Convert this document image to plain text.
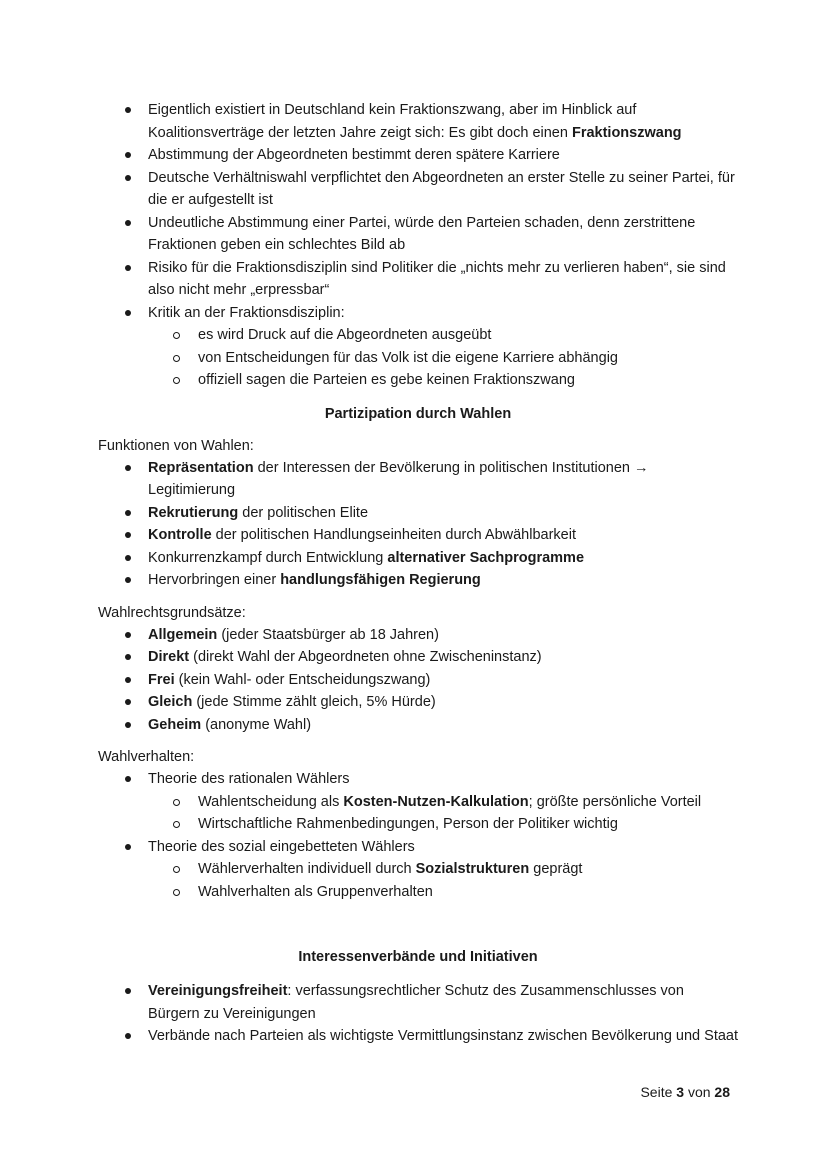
Eigentlich existiert in Deutschland kein Fraktionszwang, aber im Hinblick auf Koalitionsverträge der letzten Jahre zeigt sich: Es gibt doch einen Fraktionszwang
Abstimmung der Abgeordneten bestimmt deren spätere Karriere
Deutsche Verhältniswahl verpflichtet den Abgeordneten an erster Stelle zu seiner Partei, für die er aufgestellt ist
Undeutliche Abstimmung einer Partei, würde den Parteien schaden, denn zerstrittene Fraktionen geben ein schlechtes Bild ab
Risiko für die Fraktionsdisziplin sind Politiker die „nichts mehr zu verlieren haben“, sie sind also nicht mehr „erpressbar“
Kritik an der Fraktionsdisziplin:
es wird Druck auf die Abgeordneten ausgeübt
von Entscheidungen für das Volk ist die eigene Karriere abhängig
offiziell sagen die Parteien es gebe keinen Fraktionszwang
Partizipation durch Wahlen
Funktionen von Wahlen:
Repräsentation der Interessen der Bevölkerung in politischen Institutionen → Legitimierung
Rekrutierung der politischen Elite
Kontrolle der politischen Handlungseinheiten durch Abwählbarkeit
Konkurrenzkampf durch Entwicklung alternativer Sachprogramme
Hervorbringen einer handlungsfähigen Regierung
Wahlrechtsgrundsätze:
Allgemein (jeder Staatsbürger ab 18 Jahren)
Direkt (direkt Wahl der Abgeordneten ohne Zwischeninstanz)
Frei (kein Wahl- oder Entscheidungszwang)
Gleich (jede Stimme zählt gleich, 5% Hürde)
Geheim (anonyme Wahl)
Wahlverhalten:
Theorie des rationalen Wählers
Wahlentscheidung als Kosten-Nutzen-Kalkulation; größte persönliche Vorteil
Wirtschaftliche Rahmenbedingungen, Person der Politiker wichtig
Theorie des sozial eingebetteten Wählers
Wählerverhalten individuell durch Sozialstrukturen geprägt
Wahlverhalten als Gruppenverhalten
Interessenverbände und Initiativen
Vereinigungsfreiheit: verfassungsrechtlicher Schutz des Zusammenschlusses von Bürgern zu Vereinigungen
Verbände nach Parteien als wichtigste Vermittlungsinstanz zwischen Bevölkerung und Staat
Seite 3 von 28
